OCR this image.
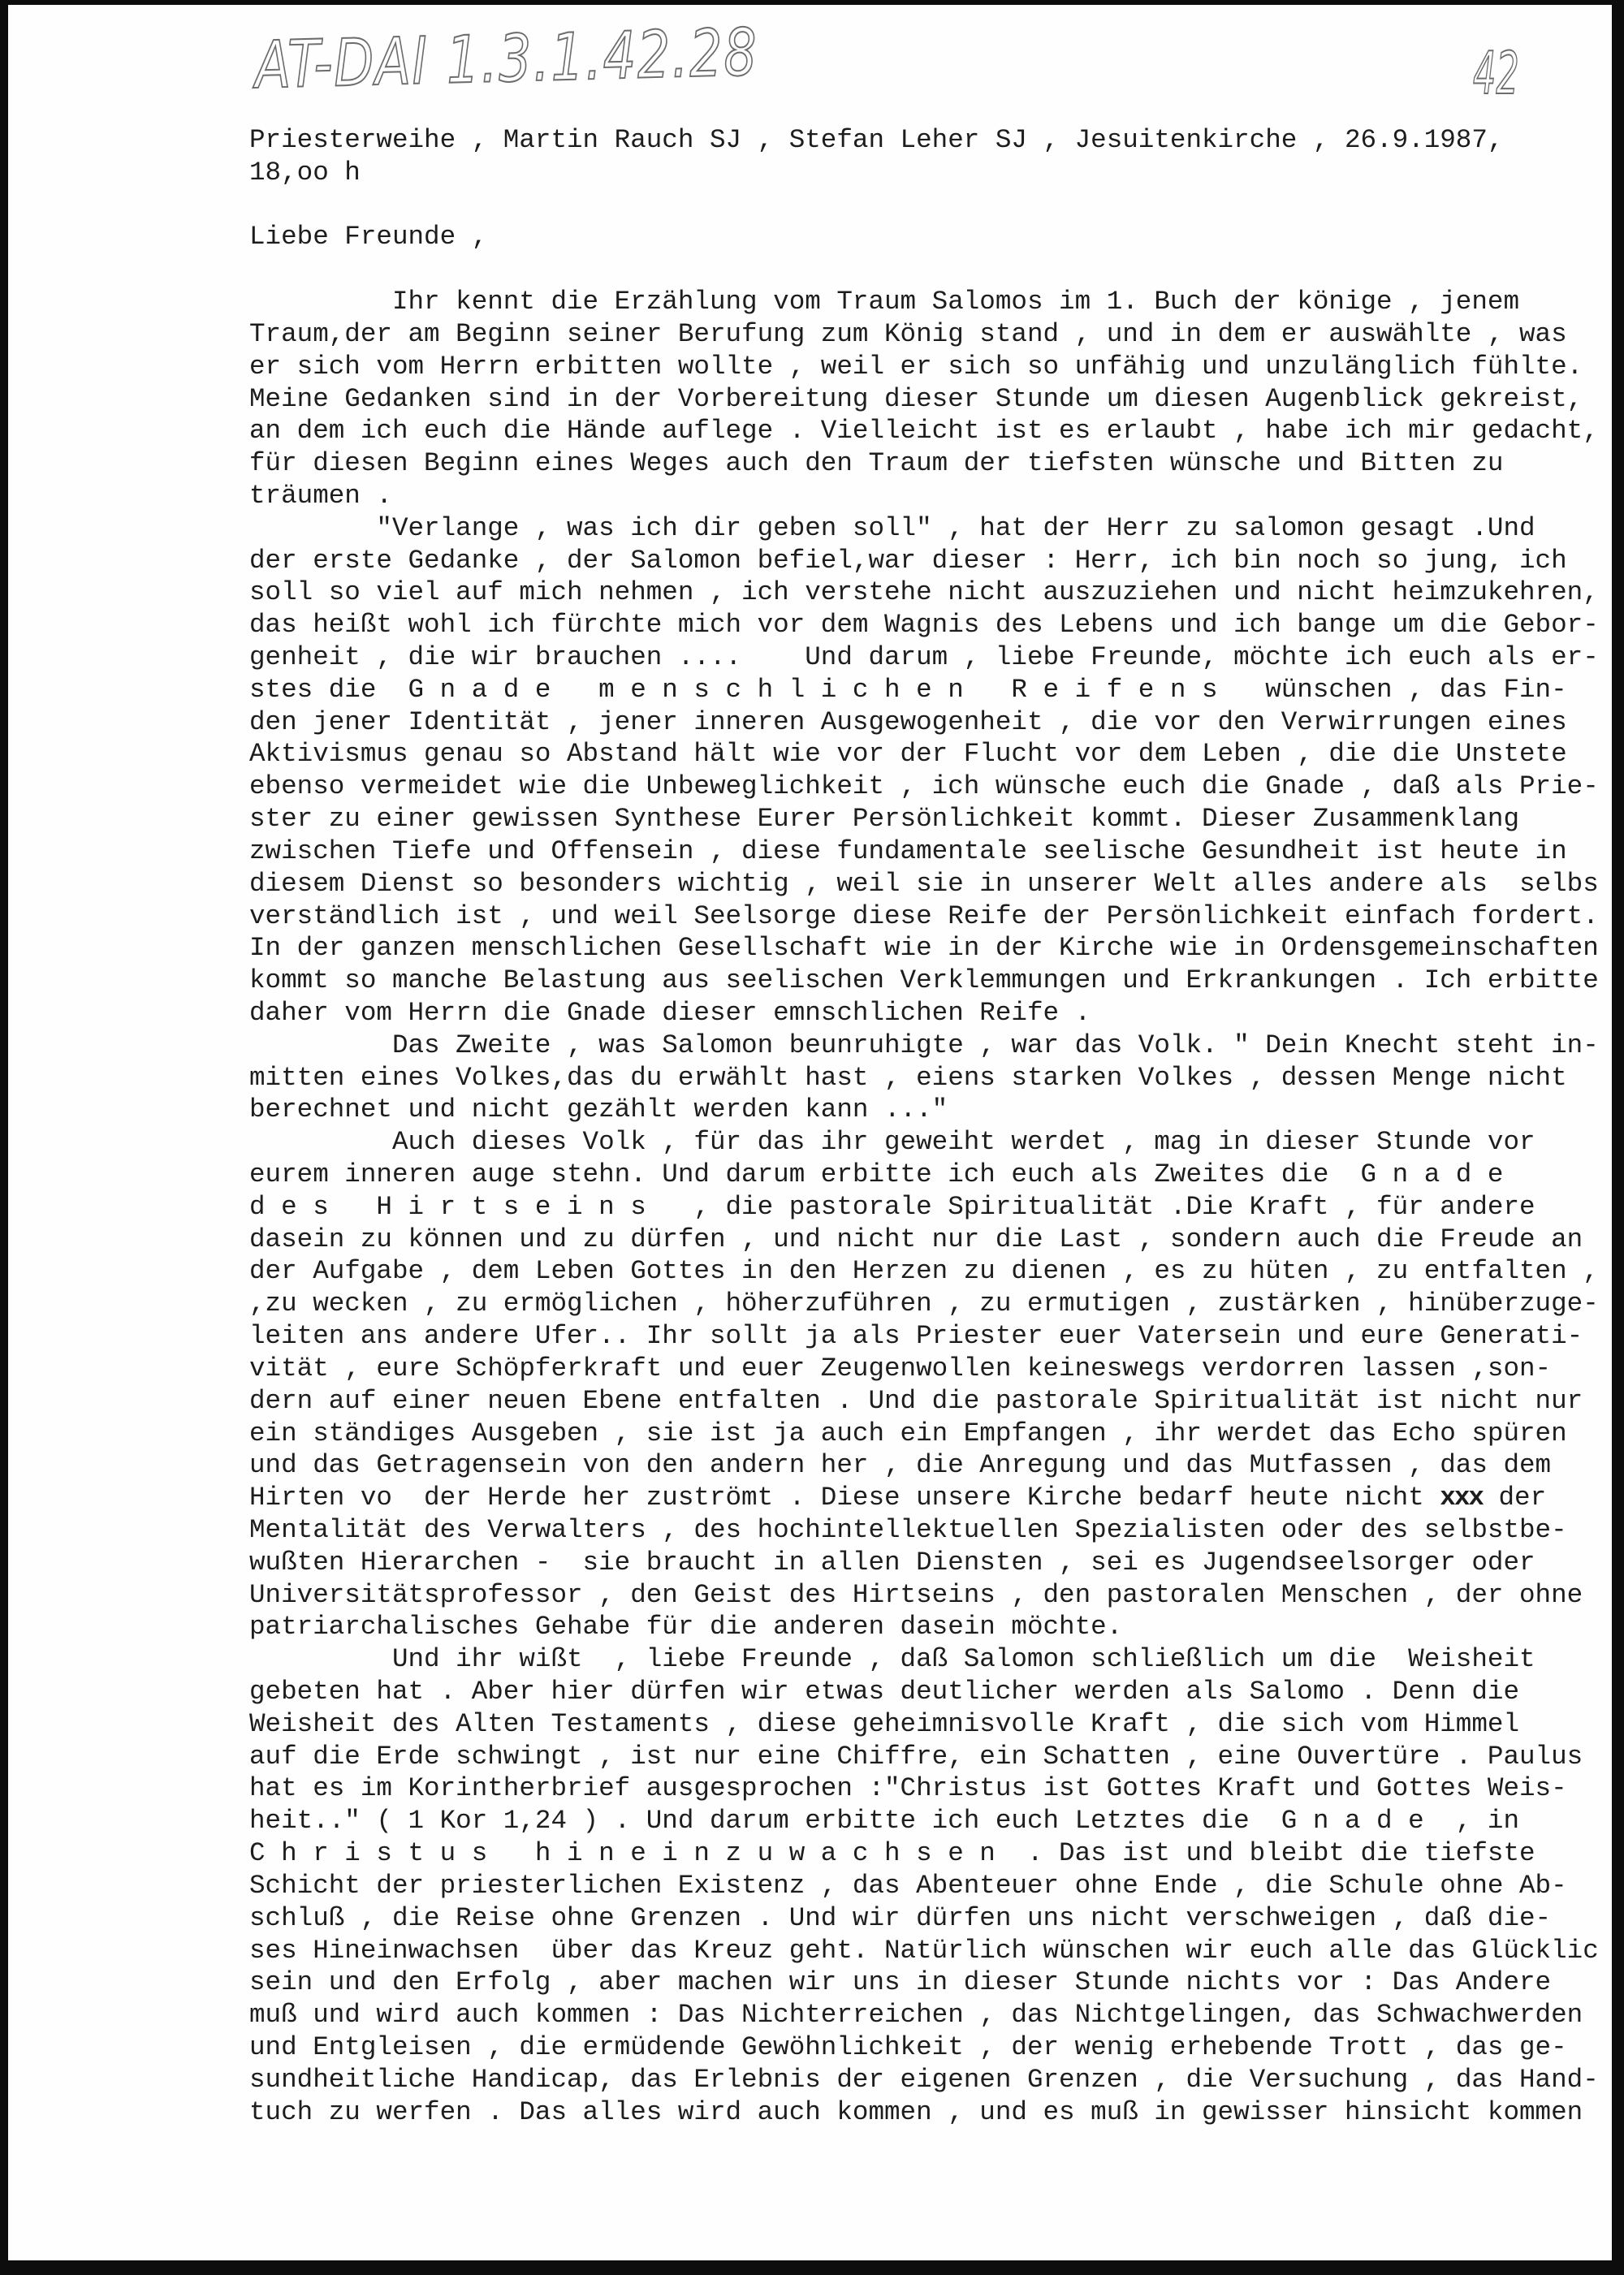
AT-DAI 1.3.1.42.28	42
Priesterweihe , Martin Rauch SJ , Stefan Leher SJ , Jesuitenkirche , 26.9.1987,
18,oo h
Liebe Freunde ,
Ihr kennt die Erzählung vom Traum Salomos im 1. Buch der könige , jenem
Traum,der am Beginn seiner Berufung zum König stand , und in dem er auswählte , was
er sich vom Herrn erbitten wollte , weil er sich so unfähig und unzulänglich fühlte.
Meine Gedanken sind in der Vorbereitung dieser Stunde um diesen Augenblick gekreist,
an dem ich euch die Hände auflege . Vielleicht ist es erlaubt , habe ich mir gedacht,
für diesen Beginn eines Weges auch den Traum der tiefsten wünsche und Bitten zu
träumen .
"Verlange , was ich dir geben soll" , hat der Herr zu salomon gesagt .Und
der erste Gedanke , der Salomon befiel,war dieser : Herr, ich bin noch so jung, ich
soll so viel auf mich nehmen , ich verstehe nicht auszuziehen und nicht heimzukehren,
das heißt wohl ich fürchte mich vor dem Wagnis des Lebens und ich bange um die Gebor-
genheit , die wir brauchen ....    Und darum , liebe Freunde, möchte ich euch als er-
stes die  G n a d e   m e n s c h l i c h e n   R e i f e n s   wünschen , das Fin-
den jener Identität , jener inneren Ausgewogenheit , die vor den Verwirrungen eines
Aktivismus genau so Abstand hält wie vor der Flucht vor dem Leben , die die Unstete
ebenso vermeidet wie die Unbeweglichkeit , ich wünsche euch die Gnade , daß als Prie-
ster zu einer gewissen Synthese Eurer Persönlichkeit kommt. Dieser Zusammenklang
zwischen Tiefe und Offensein , diese fundamentale seelische Gesundheit ist heute in
diesem Dienst so besonders wichtig , weil sie in unserer Welt alles andere als  selbs
verständlich ist , und weil Seelsorge diese Reife der Persönlichkeit einfach fordert.
In der ganzen menschlichen Gesellschaft wie in der Kirche wie in Ordensgemeinschaften
kommt so manche Belastung aus seelischen Verklemmungen und Erkrankungen . Ich erbitte
daher vom Herrn die Gnade dieser emnschlichen Reife .
Das Zweite , was Salomon beunruhigte , war das Volk. " Dein Knecht steht in-
mitten eines Volkes,das du erwählt hast , eiens starken Volkes , dessen Menge nicht
berechnet und nicht gezählt werden kann ..."
Auch dieses Volk , für das ihr geweiht werdet , mag in dieser Stunde vor
eurem inneren auge stehn. Und darum erbitte ich euch als Zweites die  G n a d e
d e s   H i r t s e i n s   , die pastorale Spiritualität .Die Kraft , für andere
dasein zu können und zu dürfen , und nicht nur die Last , sondern auch die Freude an
der Aufgabe , dem Leben Gottes in den Herzen zu dienen , es zu hüten , zu entfalten ,
,zu wecken , zu ermöglichen , höherzuführen , zu ermutigen , zustärken , hinüberzuge-
leiten ans andere Ufer.. Ihr sollt ja als Priester euer Vatersein und eure Generati-
vität , eure Schöpferkraft und euer Zeugenwollen keineswegs verdorren lassen ,son-
dern auf einer neuen Ebene entfalten . Und die pastorale Spiritualität ist nicht nur
ein ständiges Ausgeben , sie ist ja auch ein Empfangen , ihr werdet das Echo spüren
und das Getragensein von den andern her , die Anregung und das Mutfassen , das dem
Hirten vo  der Herde her zuströmt . Diese unsere Kirche bedarf heute nicht xxx der
Mentalität des Verwalters , des hochintellektuellen Spezialisten oder des selbstbe-
wußten Hierarchen -  sie braucht in allen Diensten , sei es Jugendseelsorger oder
Universitätsprofessor , den Geist des Hirtseins , den pastoralen Menschen , der ohne
patriarchalisches Gehabe für die anderen dasein möchte.
Und ihr wißt  , liebe Freunde , daß Salomon schließlich um die  Weisheit
gebeten hat . Aber hier dürfen wir etwas deutlicher werden als Salomo . Denn die
Weisheit des Alten Testaments , diese geheimnisvolle Kraft , die sich vom Himmel
auf die Erde schwingt , ist nur eine Chiffre, ein Schatten , eine Ouvertüre . Paulus
hat es im Korintherbrief ausgesprochen :"Christus ist Gottes Kraft und Gottes Weis-
heit.." ( 1 Kor 1,24 ) . Und darum erbitte ich euch Letztes die  G n a d e  , in
C h r i s t u s   h i n e i n z u w a c h s e n  . Das ist und bleibt die tiefste
Schicht der priesterlichen Existenz , das Abenteuer ohne Ende , die Schule ohne Ab-
schluß , die Reise ohne Grenzen . Und wir dürfen uns nicht verschweigen , daß die-
ses Hineinwachsen  über das Kreuz geht. Natürlich wünschen wir euch alle das Glücklic
sein und den Erfolg , aber machen wir uns in dieser Stunde nichts vor : Das Andere
muß und wird auch kommen : Das Nichterreichen , das Nichtgelingen, das Schwachwerden
und Entgleisen , die ermüdende Gewöhnlichkeit , der wenig erhebende Trott , das ge-
sundheitliche Handicap, das Erlebnis der eigenen Grenzen , die Versuchung , das Hand-
tuch zu werfen . Das alles wird auch kommen , und es muß in gewisser hinsicht kommen
